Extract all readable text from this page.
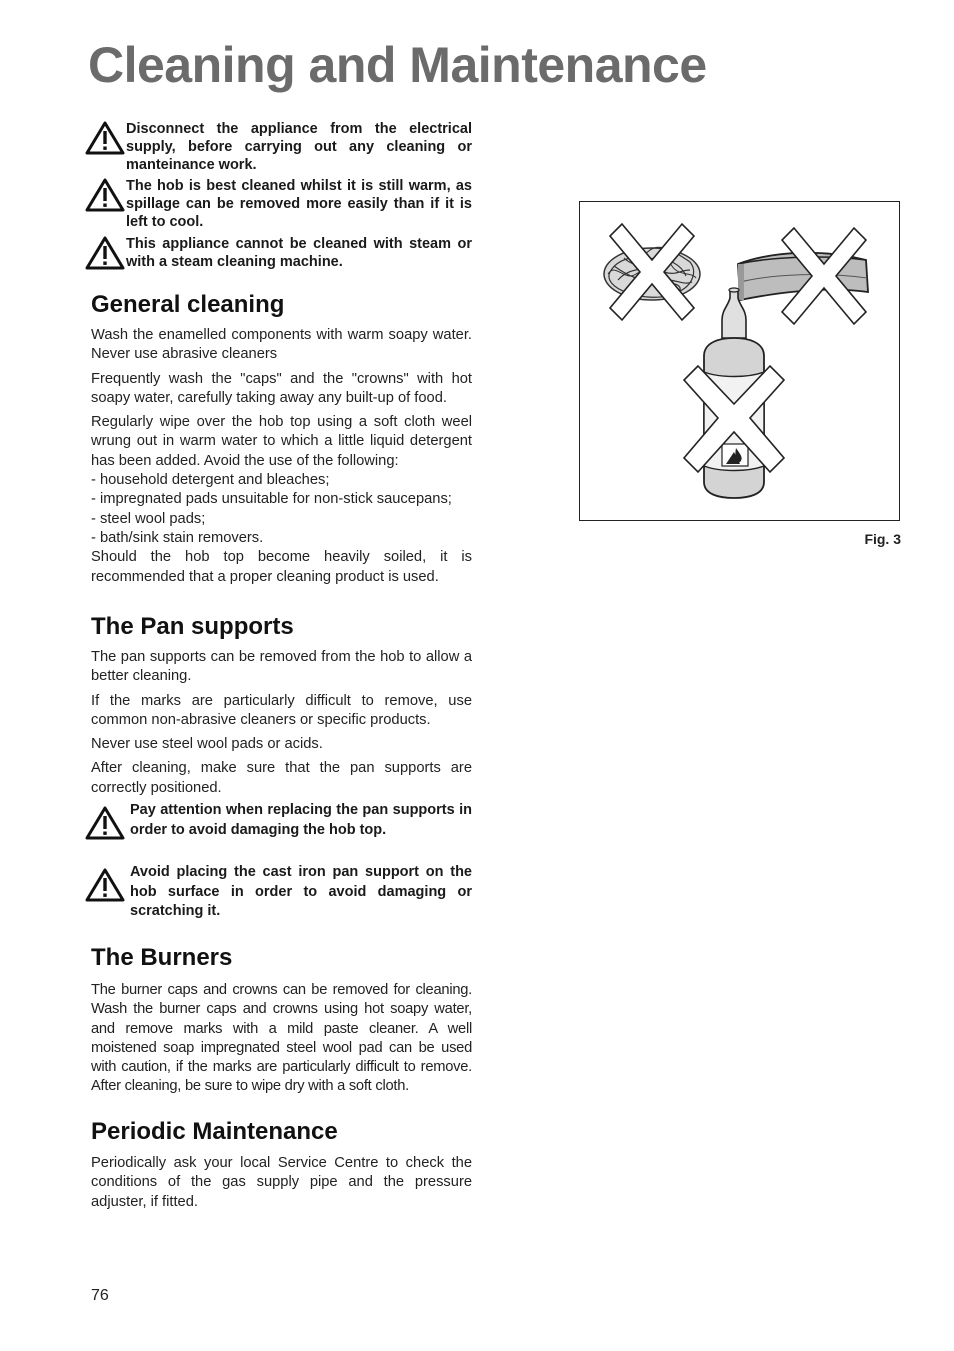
Cleaning and Maintenance
Disconnect the appliance from the electrical supply, before carrying out any cleaning or manteinance work.
The hob is best cleaned whilst it is still warm, as spillage can be removed more easily than if it is left to cool.
This appliance cannot be cleaned with steam or with a steam cleaning machine.
General cleaning

Wash the enamelled components with warm soapy water. Never use abrasive cleaners

Frequently wash the "caps" and the "crowns" with hot soapy water, carefully taking away any built-up of food.

Regularly wipe over the hob top using a soft cloth weel wrung out in warm water to which a little liquid detergent has been added. Avoid the use of the following:

- household detergent and bleaches;
- impregnated pads unsuitable for non-stick saucepans;
- steel wool pads;
- bath/sink stain removers.

Should the hob top become heavily soiled, it is recommended that a proper cleaning product is used.

The Pan supports

The pan supports can be removed from the hob to allow a better cleaning.

If the marks are particularly difficult to remove, use common non-abrasive cleaners or specific products.

Never use steel wool pads or acids.

After cleaning, make sure that the pan supports are correctly positioned.

Pay attention when replacing the pan supports in order to avoid damaging the hob top.
Avoid placing the cast iron pan support on the hob surface in order to avoid damaging or scratching it.
The Burners

The burner caps and crowns can be removed for cleaning. Wash the burner caps and crowns using hot soapy water, and remove marks with a mild paste cleaner. A well moistened soap impregnated steel wool pad can be used with caution, if the marks are particularly difficult to remove. After cleaning, be sure to wipe dry with a soft cloth.

Periodic Maintenance

Periodically ask your local Service Centre to check the conditions of the gas supply pipe and the pressure adjuster, if fitted.

Fig. 3
76
